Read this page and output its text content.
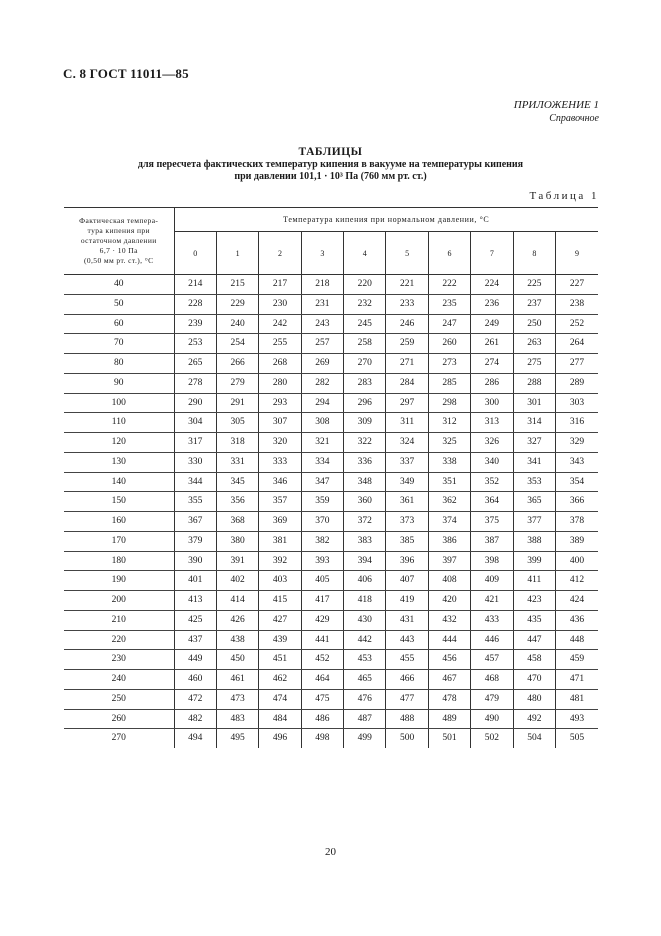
С. 8 ГОСТ 11011—85
ПРИЛОЖЕНИЕ 1
Справочное
ТАБЛИЦЫ
для пересчета фактических температур кипения в вакууме на температуры кипения
при давлении 101,1 · 10³ Па (760 мм рт. ст.)
Таблица 1
Фактическая темпера-
тура кипения при
остаточном давлении
6,7 · 10 Па
(0,50 мм рт. ст.), °С	Температура кипения при нормальном давлении, °С									
	0	1	2	3	4	5	6	7	8	9
40	214	215	217	218	220	221	222	224	225	227
50	228	229	230	231	232	233	235	236	237	238
60	239	240	242	243	245	246	247	249	250	252
70	253	254	255	257	258	259	260	261	263	264
80	265	266	268	269	270	271	273	274	275	277
90	278	279	280	282	283	284	285	286	288	289
100	290	291	293	294	296	297	298	300	301	303
110	304	305	307	308	309	311	312	313	314	316
120	317	318	320	321	322	324	325	326	327	329
130	330	331	333	334	336	337	338	340	341	343
140	344	345	346	347	348	349	351	352	353	354
150	355	356	357	359	360	361	362	364	365	366
160	367	368	369	370	372	373	374	375	377	378
170	379	380	381	382	383	385	386	387	388	389
180	390	391	392	393	394	396	397	398	399	400
190	401	402	403	405	406	407	408	409	411	412
200	413	414	415	417	418	419	420	421	423	424
210	425	426	427	429	430	431	432	433	435	436
220	437	438	439	441	442	443	444	446	447	448
230	449	450	451	452	453	455	456	457	458	459
240	460	461	462	464	465	466	467	468	470	471
250	472	473	474	475	476	477	478	479	480	481
260	482	483	484	486	487	488	489	490	492	493
270	494	495	496	498	499	500	501	502	504	505
20
